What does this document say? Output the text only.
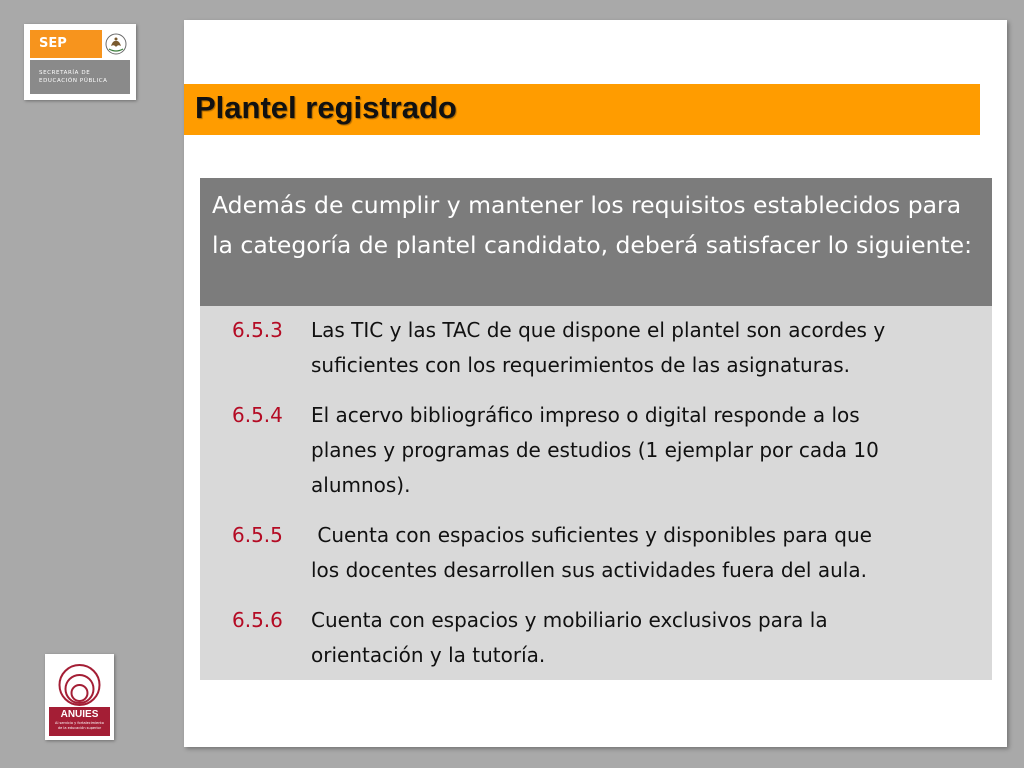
SEP
SECRETARÍA DE
EDUCACIÓN PÚBLICA
Plantel registrado
Además de cumplir y mantener los requisitos establecidos para la categoría de plantel candidato, deberá satisfacer lo siguiente:
6.5.3 Las TIC y las TAC de que dispone el plantel son acordes y
suficientes con los requerimientos de las asignaturas.
6.5.4 El acervo bibliográfico impreso o digital responde a los
planes y programas de estudios (1 ejemplar por cada 10
alumnos).
6.5.5 Cuenta con espacios suficientes y disponibles para que
los docentes desarrollen sus actividades fuera del aula.
6.5.6 Cuenta con espacios y mobiliario exclusivos para la
orientación y la tutoría.
ANUIES
Al servicio y fortalecimiento
de la educación superior
